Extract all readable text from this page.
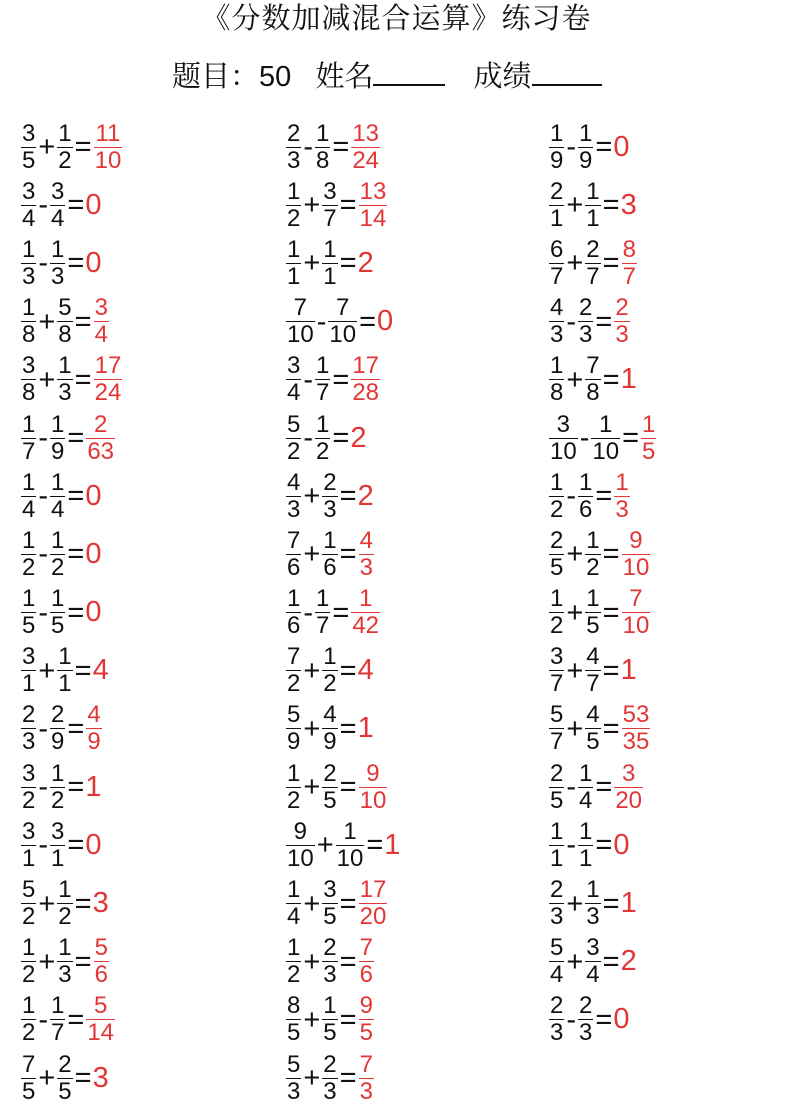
《分数加减混合运算》练习卷
题目：50 姓名	成绩
$\frac{3}{5} + \frac{1}{2} = \frac{11}{10}$
$\frac{3}{4} - \frac{3}{4} = 0$
$\frac{1}{3} - \frac{1}{3} = 0$
$\frac{1}{8} + \frac{5}{8} = \frac{3}{4}$
$\frac{3}{8} + \frac{1}{3} = \frac{17}{24}$
$\frac{1}{7} - \frac{1}{9} = \frac{2}{63}$
$\frac{1}{4} - \frac{1}{4} = 0$
$\frac{1}{2} - \frac{1}{2} = 0$
$\frac{1}{5} - \frac{1}{5} = 0$
$\frac{3}{1} + \frac{1}{1} = 4$
$\frac{2}{3} - \frac{2}{9} = \frac{4}{9}$
$\frac{3}{2} - \frac{1}{2} = 1$
$\frac{3}{1} - \frac{3}{1} = 0$
$\frac{5}{2} + \frac{1}{2} = 3$
$\frac{1}{2} + \frac{1}{3} = \frac{5}{6}$
$\frac{1}{2} - \frac{1}{7} = \frac{5}{14}$
$\frac{7}{5} + \frac{2}{5} = 3$
$\frac{2}{3} - \frac{1}{8} = \frac{13}{24}$
$\frac{1}{2} + \frac{3}{7} = \frac{13}{14}$
$\frac{1}{1} + \frac{1}{1} = 2$
$\frac{7}{10} - \frac{7}{10} = 0$
$\frac{3}{4} - \frac{1}{7} = \frac{17}{28}$
$\frac{5}{2} - \frac{1}{2} = 2$
$\frac{4}{3} + \frac{2}{3} = 2$
$\frac{7}{6} + \frac{1}{6} = \frac{4}{3}$
$\frac{1}{6} - \frac{1}{7} = \frac{1}{42}$
$\frac{7}{2} + \frac{1}{2} = 4$
$\frac{5}{9} + \frac{4}{9} = 1$
$\frac{1}{2} + \frac{2}{5} = \frac{9}{10}$
$\frac{9}{10} + \frac{1}{10} = 1$
$\frac{1}{4} + \frac{3}{5} = \frac{17}{20}$
$\frac{1}{2} + \frac{2}{3} = \frac{7}{6}$
$\frac{8}{5} + \frac{1}{5} = \frac{9}{5}$
$\frac{5}{3} + \frac{2}{3} = \frac{7}{3}$
$\frac{1}{9} - \frac{1}{9} = 0$
$\frac{2}{1} + \frac{1}{1} = 3$
$\frac{6}{7} + \frac{2}{7} = \frac{8}{7}$
$\frac{4}{3} - \frac{2}{3} = \frac{2}{3}$
$\frac{1}{8} + \frac{7}{8} = 1$
$\frac{3}{10} - \frac{1}{10} = \frac{1}{5}$
$\frac{1}{2} - \frac{1}{6} = \frac{1}{3}$
$\frac{2}{5} + \frac{1}{2} = \frac{9}{10}$
$\frac{1}{2} + \frac{1}{5} = \frac{7}{10}$
$\frac{3}{7} + \frac{4}{7} = 1$
$\frac{5}{7} + \frac{4}{5} = \frac{53}{35}$
$\frac{2}{5} - \frac{1}{4} = \frac{3}{20}$
$\frac{1}{1} - \frac{1}{1} = 0$
$\frac{2}{3} + \frac{1}{3} = 1$
$\frac{5}{4} + \frac{3}{4} = 2$
$\frac{2}{3} - \frac{2}{3} = 0$
